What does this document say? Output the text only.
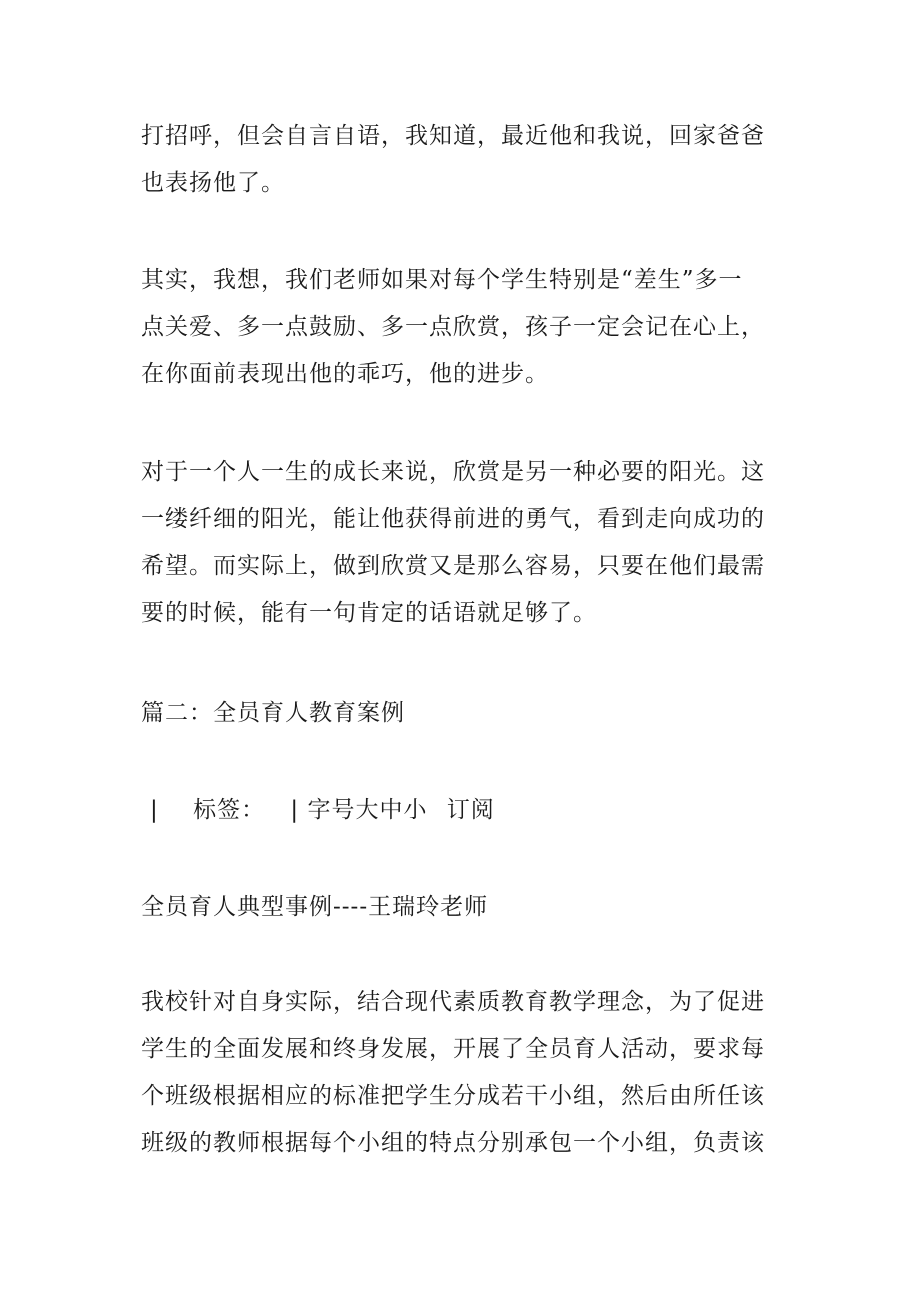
打招呼，但会自言自语，我知道，最近他和我说，回家爸爸
也表扬他了。

其实，我想，我们老师如果对每个学生特别是“差生”多一
点关爱、多一点鼓励、多一点欣赏，孩子一定会记在心上，
在你面前表现出他的乖巧，他的进步。

对于一个人一生的成长来说，欣赏是另一种必要的阳光。这
一缕纤细的阳光，能让他获得前进的勇气，看到走向成功的
希望。而实际上，做到欣赏又是那么容易，只要在他们最需
要的时候，能有一句肯定的话语就足够了。

篇二：全员育人教育案例

| 标签： | 字号大中小 订阅

全员育人典型事例----王瑞玲老师

我校针对自身实际，结合现代素质教育教学理念，为了促进
学生的全面发展和终身发展，开展了全员育人活动，要求每
个班级根据相应的标准把学生分成若干小组，然后由所任该
班级的教师根据每个小组的特点分别承包一个小组，负责该
